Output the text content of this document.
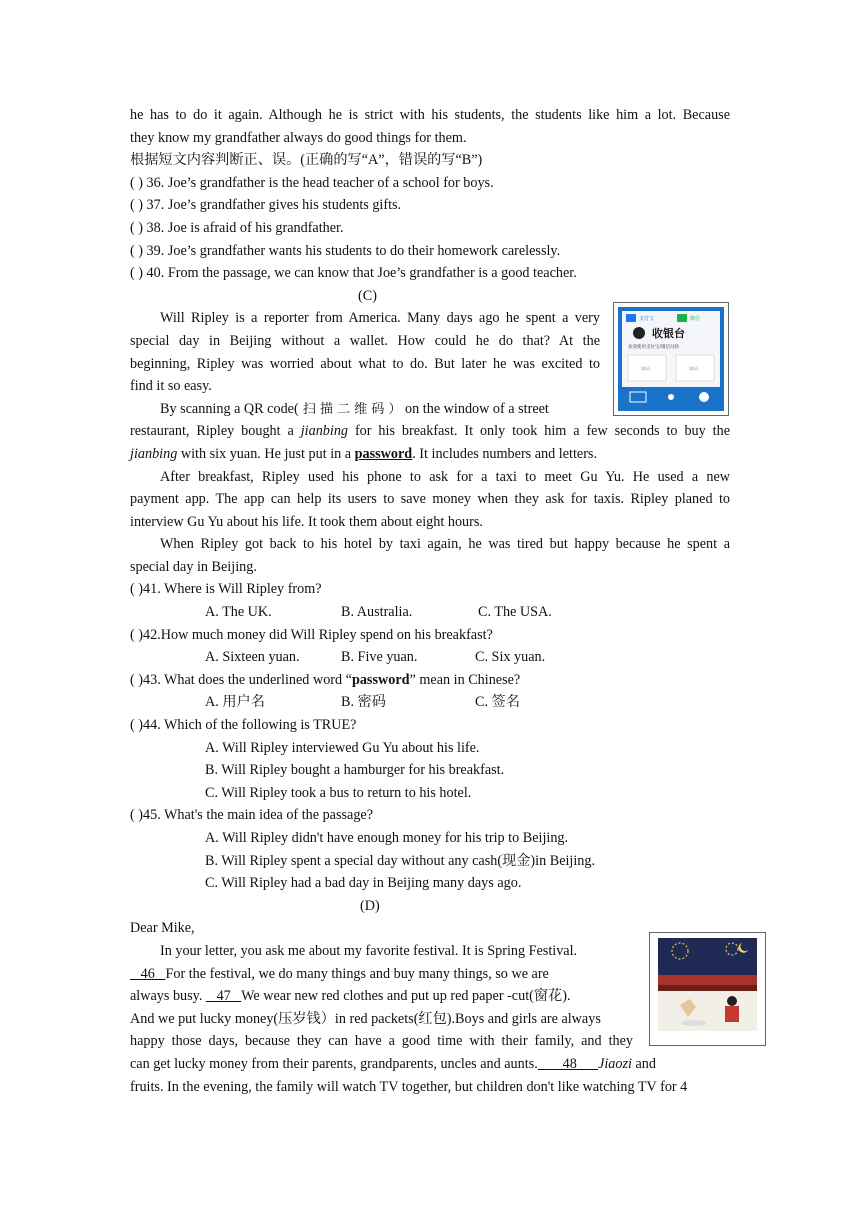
he has to do it again. Although he is strict with his students, the students like him a lot. Because
they know my grandfather always do good things for them.
根据短文内容判断正、误。(正确的写“A”，错误的写“B”)
( ) 36. Joe’s grandfather is the head teacher of a school for boys.
( ) 37. Joe’s grandfather gives his students gifts.
( ) 38. Joe is afraid of his grandfather.
( ) 39. Joe’s grandfather wants his students to do their homework carelessly.
( ) 40. From the passage, we can know that Joe’s grandfather is a good teacher.
(C)
Will Ripley is a reporter from America. Many days ago he spent a very
special day in Beijing without a wallet. How could he do that? At the
beginning, Ripley was worried about what to do. But later he was excited to
find it so easy.
By scanning a QR code( 扫 描 二 维 码 ） on the window of a street
restaurant, Ripley bought a jianbing for his breakfast. It only took him a few seconds to buy the
jianbing with six yuan. He just put in a password. It includes numbers and letters.
After breakfast, Ripley used his phone to ask for a taxi to meet Gu Yu. He used a new
payment app. The app can help its users to save money when they ask for taxis. Ripley planed to
interview Gu Yu about his life. It took them about eight hours.
When Ripley got back to his hotel by taxi again, he was tired but happy because he spent a
special day in Beijing.
( )41. Where is Will Ripley from?
A. The UK.	B. Australia.	C. The USA.
( )42.How much money did Will Ripley spend on his breakfast?
A. Sixteen yuan.	B. Five yuan.	C. Six yuan.
( )43. What does the underlined word “password” mean in Chinese?
A. 用户名	B. 密码	C. 签名
( )44. Which of the following is TRUE?
A. Will Ripley interviewed Gu Yu about his life.
B. Will Ripley bought a hamburger for his breakfast.
C. Will Ripley took a bus to return to his hotel.
( )45. What's the main idea of the passage?
A. Will Ripley didn't have enough money for his trip to Beijing.
B. Will Ripley spent a special day without any cash(现金)in Beijing.
C. Will Ripley had a bad day in Beijing many days ago.
(D)
Dear Mike,
In your letter, you ask me about my favorite festival. It is Spring Festival.
46   For the festival, we do many things and buy many things, so we are
always busy.    47   We wear new red clothes and put up red paper -cut(窗花).
And we put lucky money(压岁钱）in red packets(红包).Boys and girls are always
happy those days, because they can have a good time with their family, and they
can get lucky money from their parents, grandparents, uncles and aunts.       48      Jiaozi and
fruits. In the evening, the family will watch TV together, but children don't like watching TV for 4
支付宝	微信
收银台
欢迎使用支付宝/微信付款
二维码	二维码
